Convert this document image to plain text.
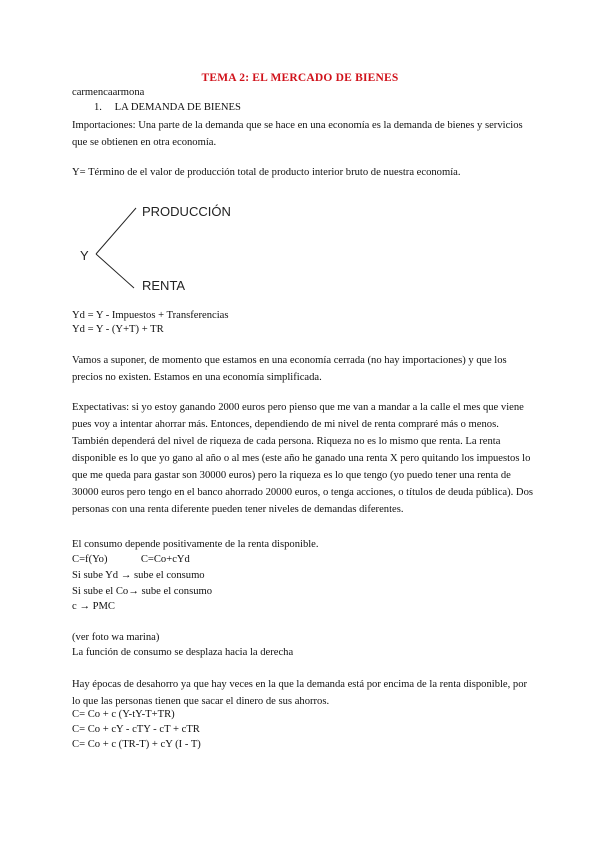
TEMA 2: EL MERCADO DE BIENES
carmencaarmona
1. LA DEMANDA DE BIENES
Importaciones: Una parte de la demanda que se hace en una economía es la demanda de bienes y servicios que se obtienen en otra economía.
Y= Término de el valor de producción total de producto interior bruto de nuestra economía.
Y
PRODUCCIÓN
RENTA
Yd = Y - Impuestos + Transferencias
Yd = Y - (Y+T) + TR
Vamos a suponer, de momento que estamos en una economía cerrada (no hay importaciones) y que los precios no existen. Estamos en una economía simplificada.
Expectativas: si yo estoy ganando 2000 euros pero pienso que me van a mandar a la calle el mes que viene pues voy a intentar ahorrar más. Entonces, dependiendo de mi nivel de renta compraré más o menos. También dependerá del nivel de riqueza de cada persona. Riqueza no es lo mismo que renta. La renta disponible es lo que yo gano al año o al mes (este año he ganado una renta X pero quitando los impuestos lo que me queda para gastar son 30000 euros) pero la riqueza es lo que tengo (yo puedo tener una renta de 30000 euros pero tengo en el banco ahorrado 20000 euros, o tenga acciones, o títulos de deuda pública). Dos personas con una renta diferente pueden tener niveles de demandas diferentes.
El consumo depende positivamente de la renta disponible.
C=f(Yo)	C=Co+cYd
Si sube Yd → sube el consumo
Si sube el Co→ sube el consumo
c → PMC
(ver foto wa marina)
La función de consumo se desplaza hacia la derecha
Hay épocas de desahorro ya que hay veces en la que la demanda está por encima de la renta disponible, por lo que las personas tienen que sacar el dinero de sus ahorros.
C= Co + c (Y-tY-T+TR)
C= Co + cY - cTY - cT + cTR
C= Co + c (TR-T) + cY (I - T)
